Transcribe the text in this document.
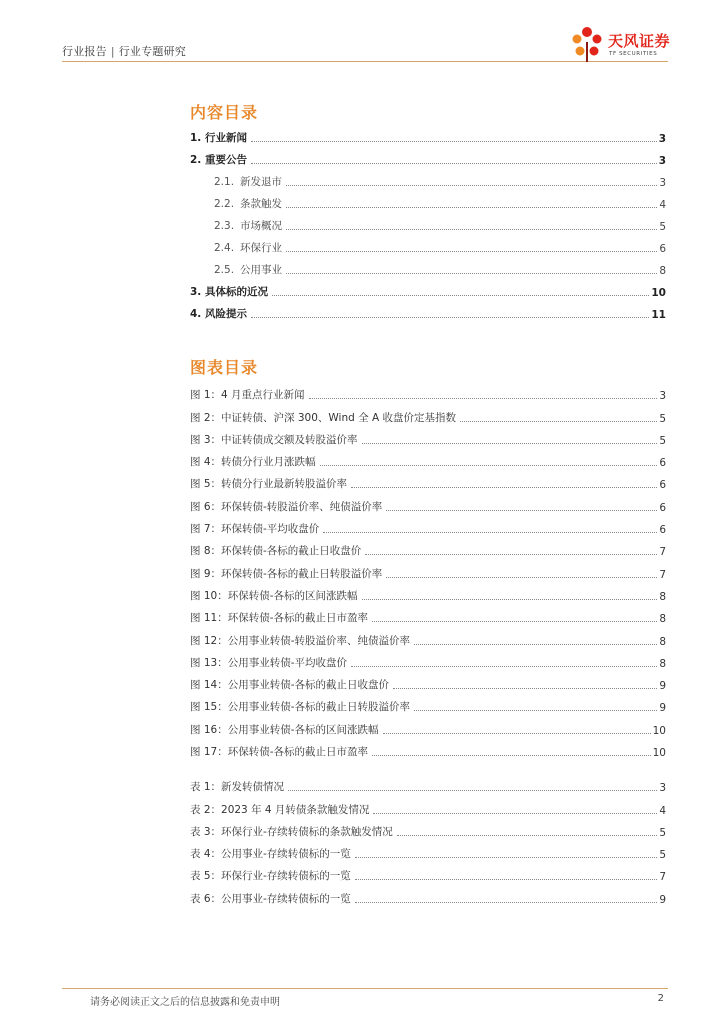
行业报告 | 行业专题研究
天风证券
TF SECURITIES
内容目录
1. 行业新闻	3
2. 重要公告	3
2.1. 新发退市	3
2.2. 条款触发	4
2.3. 市场概况	5
2.4. 环保行业	6
2.5. 公用事业	8
3. 具体标的近况	10
4. 风险提示	11
图表目录
图 1：4 月重点行业新闻	3
图 2：中证转债、沪深 300、Wind 全 A 收盘价定基指数	5
图 3：中证转债成交额及转股溢价率	5
图 4：转债分行业月涨跌幅	6
图 5：转债分行业最新转股溢价率	6
图 6：环保转债-转股溢价率、纯债溢价率	6
图 7：环保转债-平均收盘价	6
图 8：环保转债-各标的截止日收盘价	7
图 9：环保转债-各标的截止日转股溢价率	7
图 10：环保转债-各标的区间涨跌幅	8
图 11：环保转债-各标的截止日市盈率	8
图 12：公用事业转债-转股溢价率、纯债溢价率	8
图 13：公用事业转债-平均收盘价	8
图 14：公用事业转债-各标的截止日收盘价	9
图 15：公用事业转债-各标的截止日转股溢价率	9
图 16：公用事业转债-各标的区间涨跌幅	10
图 17：环保转债-各标的截止日市盈率	10
表 1：新发转债情况	3
表 2：2023 年 4 月转债条款触发情况	4
表 3：环保行业-存续转债标的条款触发情况	5
表 4：公用事业-存续转债标的一览	5
表 5：环保行业-存续转债标的一览	7
表 6：公用事业-存续转债标的一览	9
请务必阅读正文之后的信息披露和免责申明	2
